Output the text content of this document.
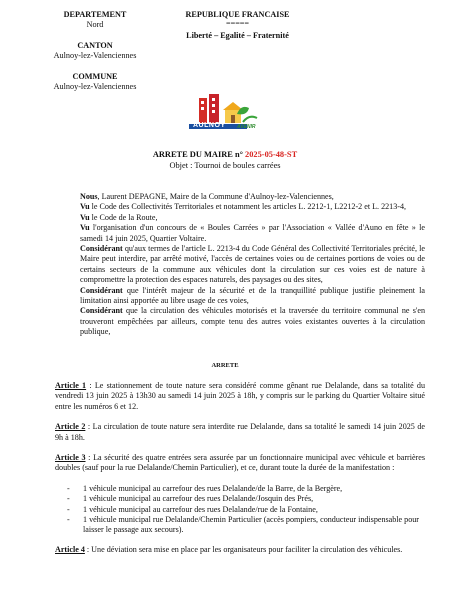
DEPARTEMENT
Nord
CANTON
Aulnoy-lez-Valenciennes
COMMUNE
Aulnoy-lez-Valenciennes
REPUBLIQUE FRANCAISE
=====
Liberté – Egalité – Fraternité
AULNOY AVENIR
ARRETE DU MAIRE n° 2025-05-48-ST
Objet : Tournoi de boules carrées

Nous, Laurent DEPAGNE, Maire de la Commune d'Aulnoy-lez-Valenciennes,

Vu le Code des Collectivités Territoriales et notamment les articles L. 2212-1, L2212-2 et L. 2213-4,

Vu le Code de la Route,

Vu l'organisation d'un concours de « Boules Carrées » par l'Association « Vallée d'Auno en fête » le samedi 14 juin 2025, Quartier Voltaire.

Considérant qu'aux termes de l'article L. 2213-4 du Code Général des Collectivité Territoriales précité, le Maire peut interdire, par arrêté motivé, l'accès de certaines voies ou de certaines portions de voies ou de certains secteurs de la commune aux véhicules dont la circulation sur ces voies est de nature à compromettre la protection des espaces naturels, des paysages ou des sites,

Considérant que l'intérêt majeur de la sécurité et de la tranquillité publique justifie pleinement la limitation ainsi apportée au libre usage de ces voies,

Considérant que la circulation des véhicules motorisés et la traversée du territoire communal ne s'en trouveront empêchées par ailleurs, compte tenu des autres voies existantes ouvertes à la circulation publique,

ARRETE

Article 1 : Le stationnement de toute nature sera considéré comme gênant rue Delalande, dans sa totalité du vendredi 13 juin 2025 à 13h30 au samedi 14 juin 2025 à 18h, y compris sur le parking du Quartier Voltaire situé entre les numéros 6 et 12.

Article 2 : La circulation de toute nature sera interdite rue Delalande, dans sa totalité le samedi 14 juin 2025 de 9h à 18h.

Article 3 : La sécurité des quatre entrées sera assurée par un fonctionnaire municipal avec véhicule et barrières doubles (sauf pour la rue Delalande/Chemin Particulier), et ce, durant toute la durée de la manifestation :

-	1 véhicule municipal au carrefour des rues Delalande/de la Barre, de la Bergère,
-	1 véhicule municipal au carrefour des rues Delalande/Josquin des Prés,
-	1 véhicule municipal au carrefour des rues Delalande/rue de la Fontaine,
-	1 véhicule municipal rue Delalande/Chemin Particulier (accès pompiers, conducteur indispensable pour laisser le passage aux secours).

Article 4 : Une déviation sera mise en place par les organisateurs pour faciliter la circulation des véhicules.
